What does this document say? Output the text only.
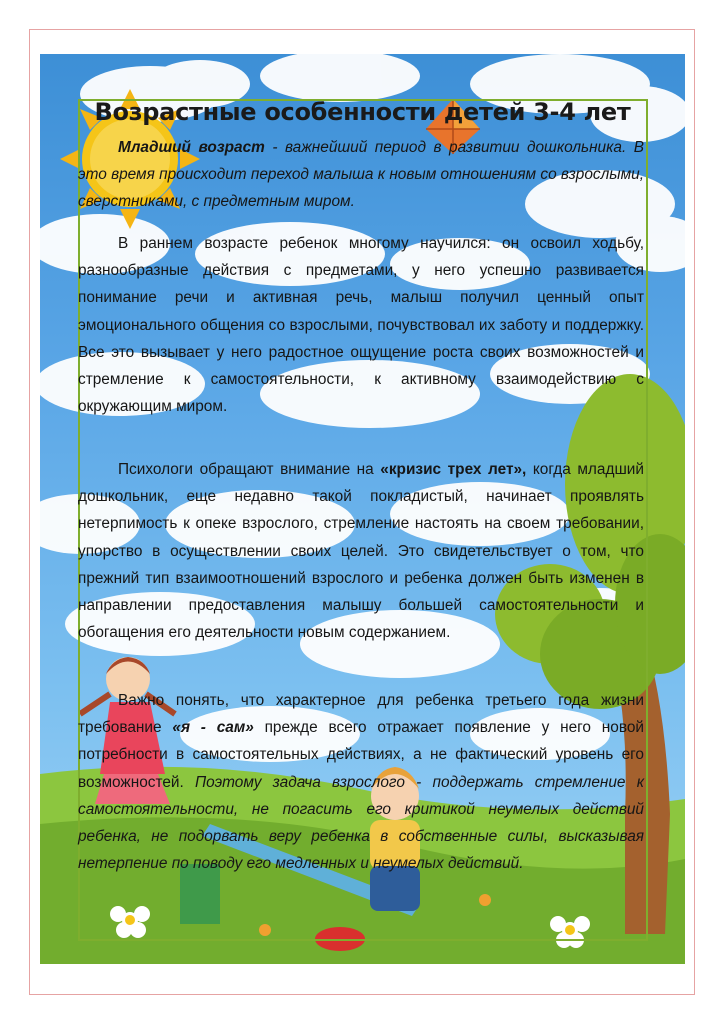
Возрастные особенности детей 3-4 лет

Младший возраст - важнейший период в развитии дошкольника. В это время происходит переход малыша к новым отношениям со взрослыми, сверстниками, с предметным миром.

В раннем возрасте ребенок многому научился: он освоил ходьбу, разнообразные действия с предметами, у него успешно развивается понимание речи и активная речь, малыш получил ценный опыт эмоционального общения со взрослыми, почувствовал их заботу и поддержку. Все это вызывает у него радостное ощущение роста своих возможностей и стремление к самостоятельности, к активному взаимодействию с окружающим миром.

Психологи обращают внимание на «кризис трех лет», когда младший дошкольник, еще недавно такой покладистый, начинает проявлять нетерпимость к опеке взрослого, стремление настоять на своем требовании, упорство в осуществлении своих целей. Это свидетельствует о том, что прежний тип взаимоотношений взрослого и ребенка должен быть изменен в направлении предоставления малышу большей самостоятельности и обогащения его деятельности новым содержанием.

Важно понять, что характерное для ребенка третьего года жизни требование «я - сам» прежде всего отражает появление у него новой потребности в самостоятельных действиях, а не фактический уровень его возможностей. Поэтому задача взрослого - поддержать стремление к самостоятельности, не погасить его критикой неумелых действий ребенка, не подорвать веру ребенка в собственные силы, высказывая нетерпение по поводу его медленных и неумелых действий.
